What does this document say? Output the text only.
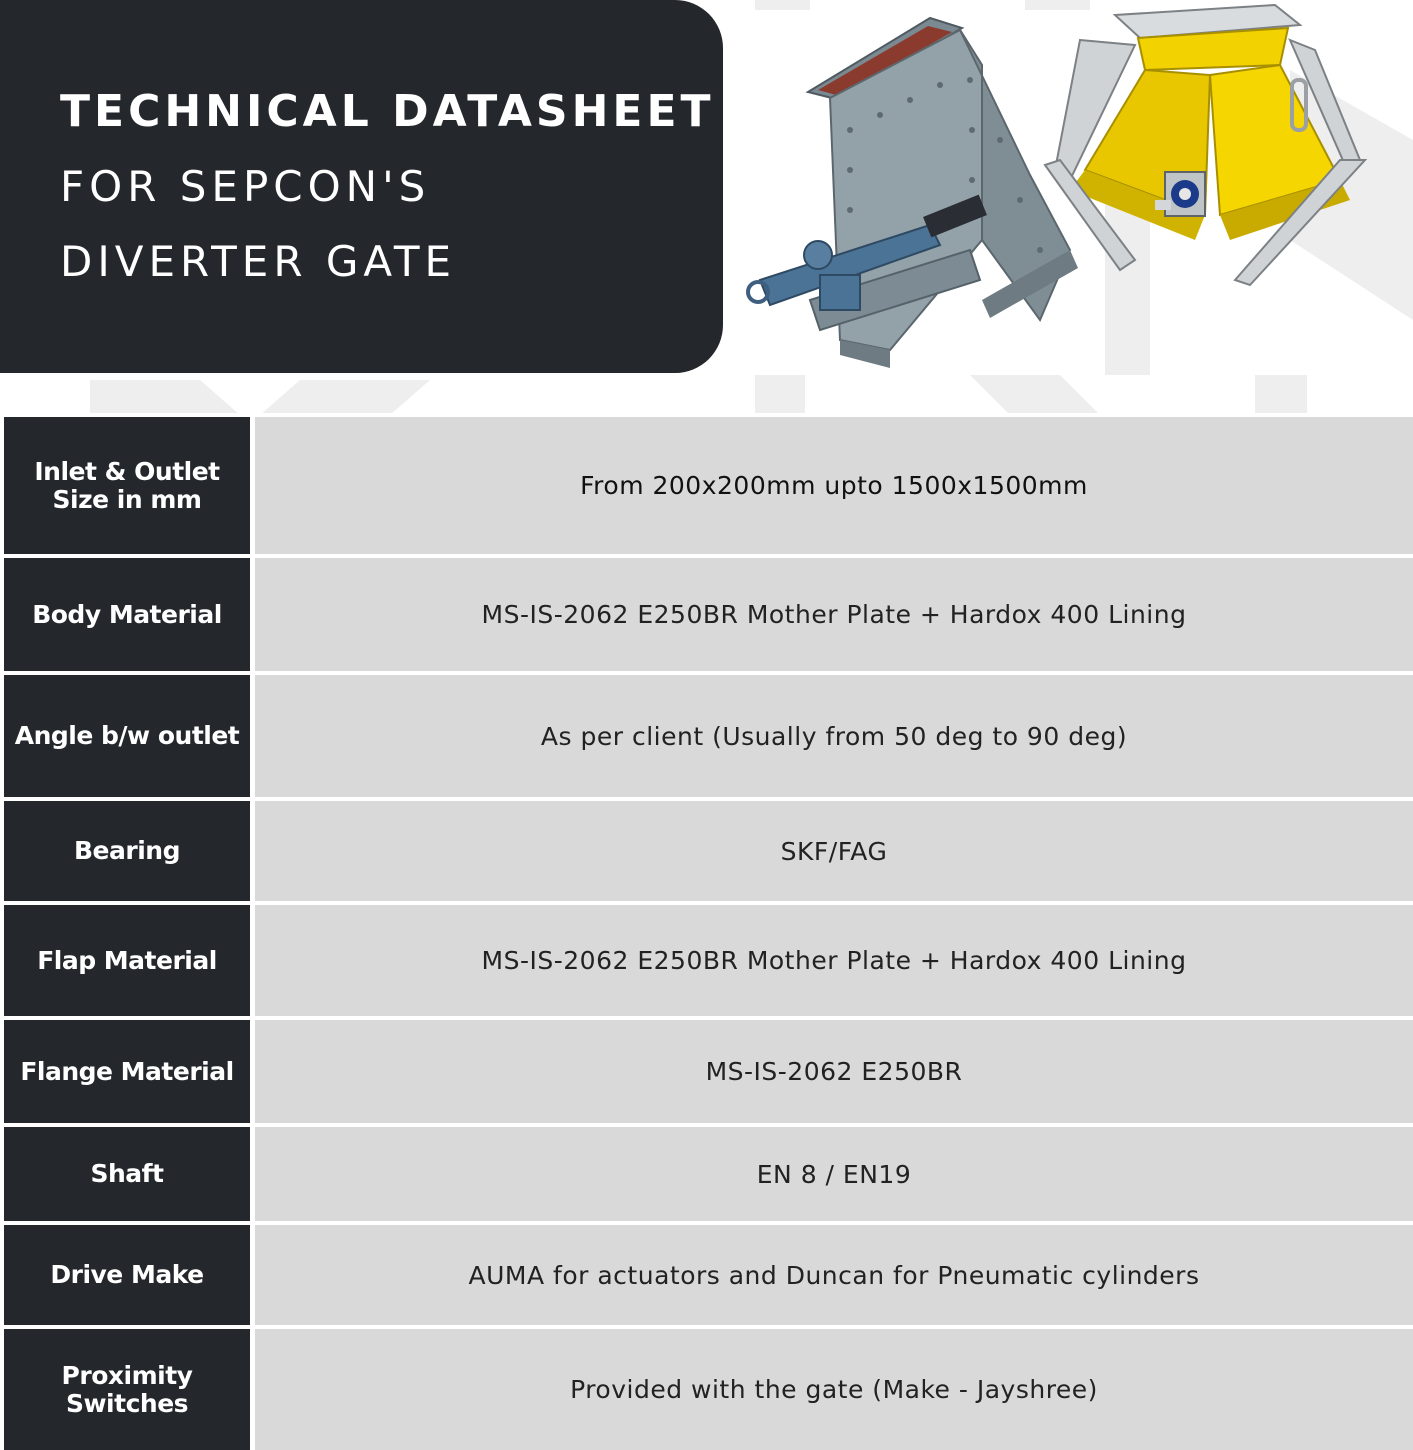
TECHNICAL DATASHEET
FOR SEPCON'S
DIVERTER GATE
Inlet & Outlet Size in mm	From 200x200mm upto 1500x1500mm
Body Material	MS-IS-2062 E250BR Mother Plate + Hardox 400 Lining
Angle b/w outlet	As per client (Usually from 50 deg to 90 deg)
Bearing	SKF/FAG
Flap Material	MS-IS-2062 E250BR Mother Plate + Hardox 400 Lining
Flange Material	MS-IS-2062 E250BR
Shaft	EN 8 / EN19
Drive Make	AUMA for actuators and Duncan for Pneumatic cylinders
Proximity Switches	Provided with the gate (Make - Jayshree)
